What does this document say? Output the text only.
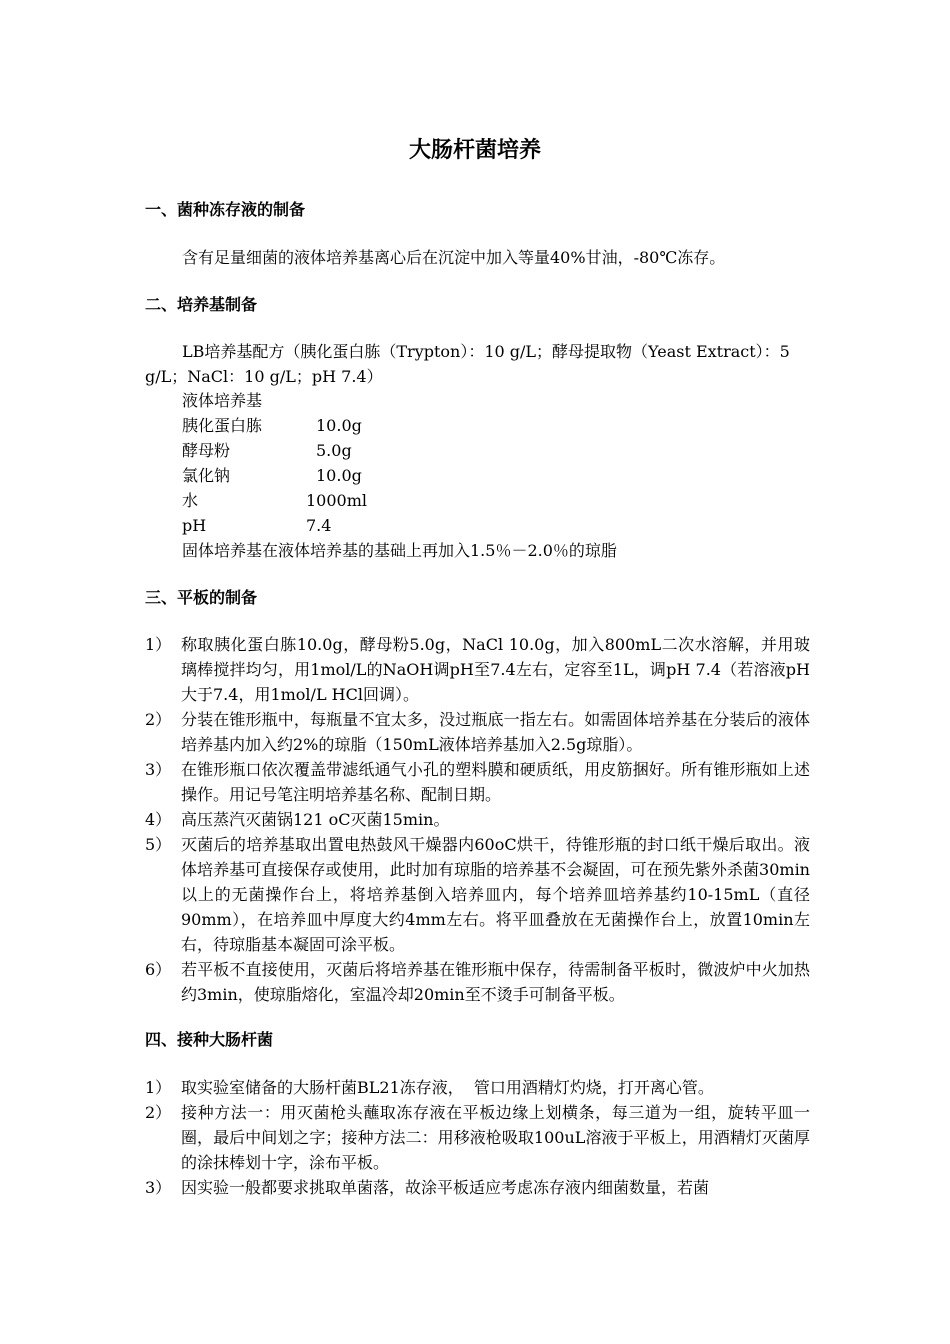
大肠杆菌培养
一、菌种冻存液的制备
含有足量细菌的液体培养基离心后在沉淀中加入等量40%甘油，-80℃冻存。
二、培养基制备
LB培养基配方（胰化蛋白胨（Trypton）：10 g/L；酵母提取物（Yeast Extract）：5 g/L；NaCl：10 g/L；pH 7.4）
液体培养基
胰化蛋白胨	10.0g
酵母粉	5.0g
氯化钠	10.0g
水	1000ml
pH	7.4
固体培养基在液体培养基的基础上再加入1.5％－2.0％的琼脂
三、平板的制备
1） 称取胰化蛋白胨10.0g，酵母粉5.0g，NaCl 10.0g，加入800mL二次水溶解，并用玻璃棒搅拌均匀，用1mol/L的NaOH调pH至7.4左右，定容至1L，调pH 7.4（若溶液pH大于7.4，用1mol/L HCl回调）。
2） 分装在锥形瓶中，每瓶量不宜太多，没过瓶底一指左右。如需固体培养基在分装后的液体培养基内加入约2%的琼脂（150mL液体培养基加入2.5g琼脂）。
3） 在锥形瓶口依次覆盖带滤纸通气小孔的塑料膜和硬质纸，用皮筋捆好。所有锥形瓶如上述操作。用记号笔注明培养基名称、配制日期。
4） 高压蒸汽灭菌锅121 oC灭菌15min。
5） 灭菌后的培养基取出置电热鼓风干燥器内60oC烘干，待锥形瓶的封口纸干燥后取出。液体培养基可直接保存或使用，此时加有琼脂的培养基不会凝固，可在预先紫外杀菌30min以上的无菌操作台上，将培养基倒入培养皿内，每个培养皿培养基约10-15mL（直径90mm），在培养皿中厚度大约4mm左右。将平皿叠放在无菌操作台上，放置10min左右，待琼脂基本凝固可涂平板。
6） 若平板不直接使用，灭菌后将培养基在锥形瓶中保存，待需制备平板时，微波炉中火加热约3min，使琼脂熔化，室温冷却20min至不烫手可制备平板。
四、接种大肠杆菌
1） 取实验室储备的大肠杆菌BL21冻存液，  管口用酒精灯灼烧，打开离心管。
2） 接种方法一：用灭菌枪头蘸取冻存液在平板边缘上划横条，每三道为一组，旋转平皿一圈，最后中间划之字；接种方法二：用移液枪吸取100uL溶液于平板上，用酒精灯灭菌厚的涂抹棒划十字，涂布平板。
3） 因实验一般都要求挑取单菌落，故涂平板适应考虑冻存液内细菌数量，若菌
